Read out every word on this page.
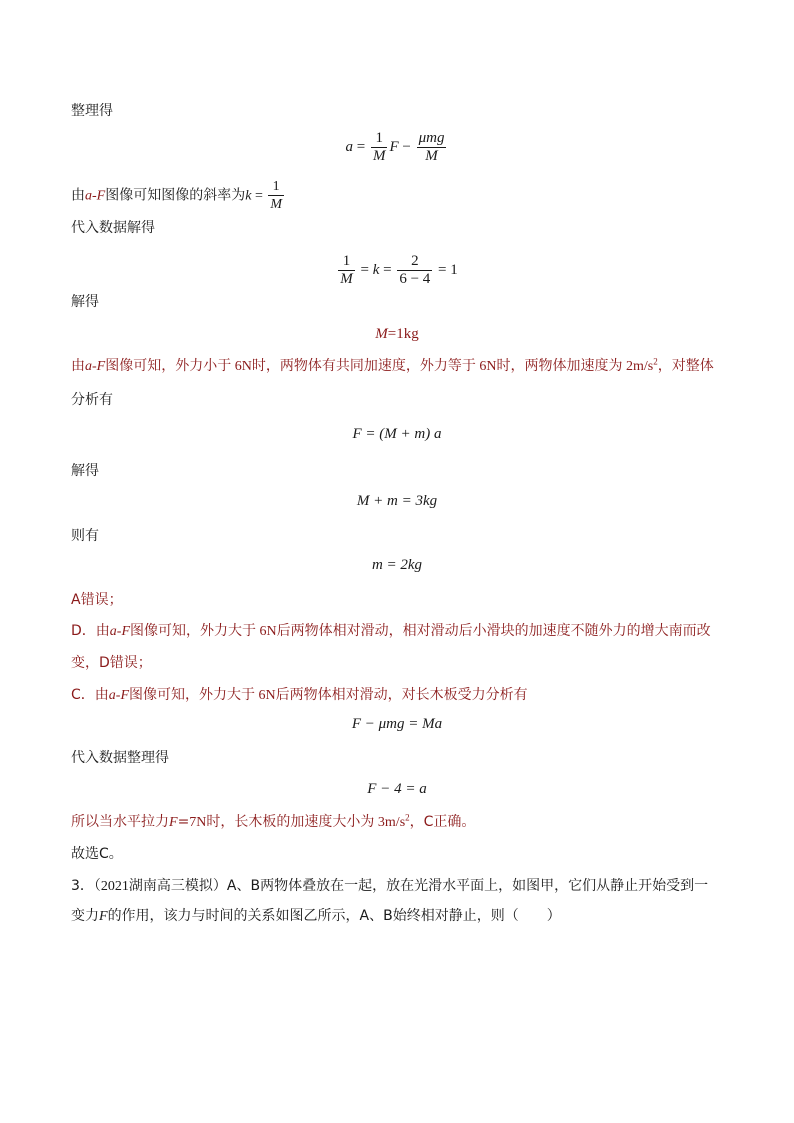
整理得
$a = \frac{1}{M}$ $F - \frac{\text{μmg}}{M}$
由a-F图像可知图像的斜率为$k = \frac{1}{M}$
代入数据解得
$\frac{1}{M} = k = \frac{2}{6 - 4} = 1$
解得
M=1kg
由a-F图像可知，外力小于 6N时，两物体有共同加速度，外力等于 6N时，两物体加速度为 $2m/s^2$，对整体
分析有
F = (M + m) a
解得
M + m = 3kg
则有
m = 2kg
A错误；
D．由a-F图像可知，外力大于 6N后两物体相对滑动，相对滑动后小滑块的加速度不随外力的增大南而改
变，D错误；
C．由a-F图像可知，外力大于 6N后两物体相对滑动，对长木板受力分析有
F − μmg = Ma
代入数据整理得
F − 4 = a
所以当水平拉力F=7N时，长木板的加速度大小为 $3m/s^2$，C正确。
故选C。
3．（2021湖南高三模拟）A、B两物体叠放在一起，放在光滑水平面上，如图甲，它们从静止开始受到一
变力F的作用，该力与时间的关系如图乙所示，A、B始终相对静止，则（　　）
